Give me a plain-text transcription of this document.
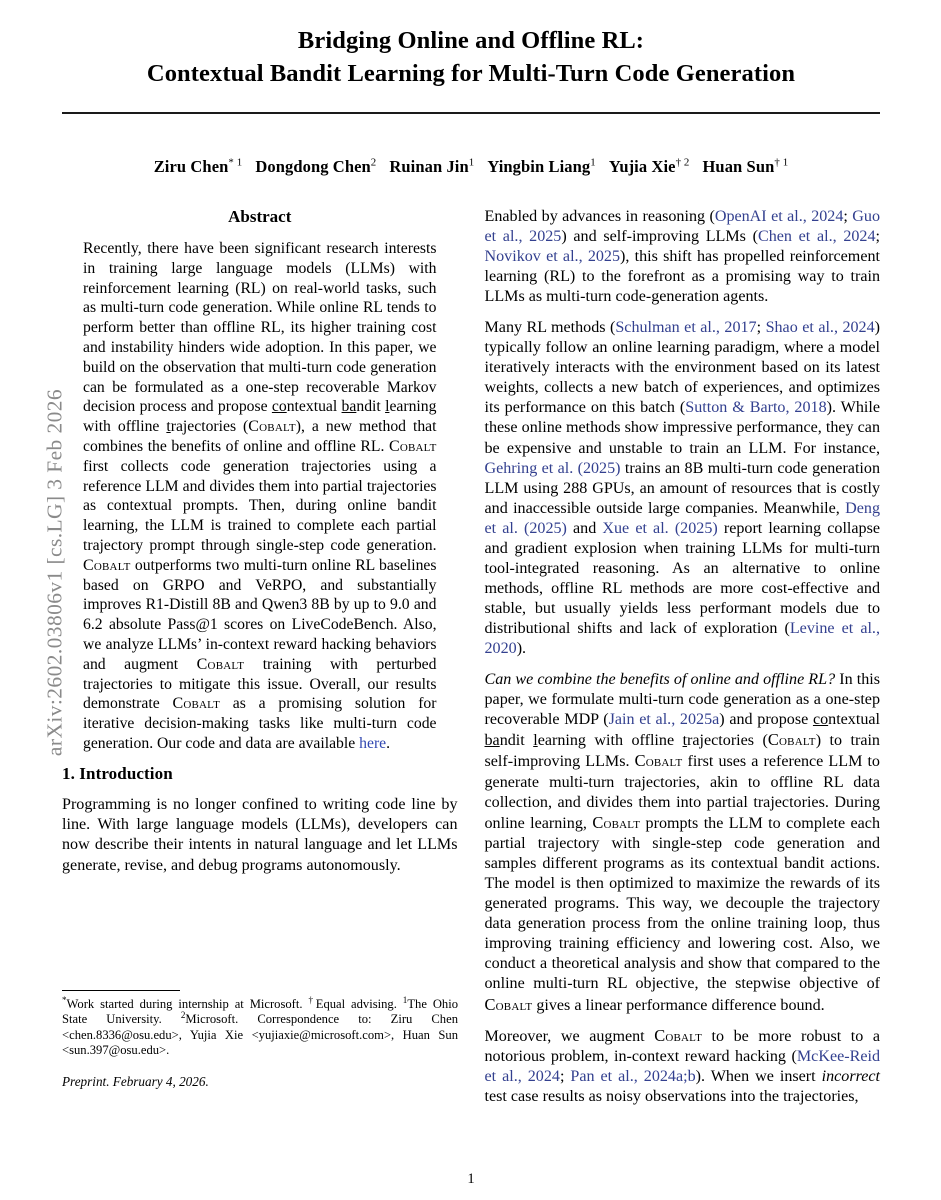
arXiv:2602.03806v1 [cs.LG] 3 Feb 2026
Bridging Online and Offline RL:
Contextual Bandit Learning for Multi-Turn Code Generation
Ziru Chen$^{* 1}$ Dongdong Chen$^2$ Ruinan Jin$^1$ Yingbin Liang$^1$ Yujia Xie$^{\dagger 2}$ Huan Sun$^{\dagger 1}$
Abstract

Recently, there have been significant research interests in training large language models (LLMs) with reinforcement learning (RL) on real-world tasks, such as multi-turn code generation. While online RL tends to perform better than offline RL, its higher training cost and instability hinders wide adoption. In this paper, we build on the observation that multi-turn code generation can be formulated as a one-step recoverable Markov decision process and propose contextual bandit learning with offline trajectories (Cobalt), a new method that combines the benefits of online and offline RL. Cobalt first collects code generation trajectories using a reference LLM and divides them into partial trajectories as contextual prompts. Then, during online bandit learning, the LLM is trained to complete each partial trajectory prompt through single-step code generation. Cobalt outperforms two multi-turn online RL baselines based on GRPO and VeRPO, and substantially improves R1-Distill 8B and Qwen3 8B by up to 9.0 and 6.2 absolute Pass@1 scores on LiveCodeBench. Also, we analyze LLMs’ in-context reward hacking behaviors and augment Cobalt training with perturbed trajectories to mitigate this issue. Overall, our results demonstrate Cobalt as a promising solution for iterative decision-making tasks like multi-turn code generation. Our code and data are available here.

1. Introduction

Programming is no longer confined to writing code line by line. With large language models (LLMs), developers can now describe their intents in natural language and let LLMs generate, revise, and debug programs autonomously.

*Work started during internship at Microsoft. †Equal advising. $^1$The Ohio State University. $^2$Microsoft. Correspondence to: Ziru Chen <chen.8336@osu.edu>, Yujia Xie <yujiaxie@microsoft.com>, Huan Sun <sun.397@osu.edu>.

Preprint. February 4, 2026.

Enabled by advances in reasoning (OpenAI et al., 2024; Guo et al., 2025) and self-improving LLMs (Chen et al., 2024; Novikov et al., 2025), this shift has propelled reinforcement learning (RL) to the forefront as a promising way to train LLMs as multi-turn code-generation agents.

Many RL methods (Schulman et al., 2017; Shao et al., 2024) typically follow an online learning paradigm, where a model iteratively interacts with the environment based on its latest weights, collects a new batch of experiences, and optimizes its performance on this batch (Sutton & Barto, 2018). While these online methods show impressive performance, they can be expensive and unstable to train an LLM. For instance, Gehring et al. (2025) trains an 8B multi-turn code generation LLM using 288 GPUs, an amount of resources that is costly and inaccessible outside large companies. Meanwhile, Deng et al. (2025) and Xue et al. (2025) report learning collapse and gradient explosion when training LLMs for multi-turn tool-integrated reasoning. As an alternative to online methods, offline RL methods are more cost-effective and stable, but usually yields less performant models due to distributional shifts and lack of exploration (Levine et al., 2020).

Can we combine the benefits of online and offline RL? In this paper, we formulate multi-turn code generation as a one-step recoverable MDP (Jain et al., 2025a) and propose contextual bandit learning with offline trajectories (Cobalt) to train self-improving LLMs. Cobalt first uses a reference LLM to generate multi-turn trajectories, akin to offline RL data collection, and divides them into partial trajectories. During online learning, Cobalt prompts the LLM to complete each partial trajectory with single-step code generation and samples different programs as its contextual bandit actions. The model is then optimized to maximize the rewards of its generated programs. This way, we decouple the trajectory data generation process from the online training loop, thus improving training efficiency and lowering cost. Also, we conduct a theoretical analysis and show that compared to the online multi-turn RL objective, the stepwise objective of Cobalt gives a linear performance difference bound.

Moreover, we augment Cobalt to be more robust to a notorious problem, in-context reward hacking (McKee-Reid et al., 2024; Pan et al., 2024a;b). When we insert incorrect test case results as noisy observations into the trajectories,

1
